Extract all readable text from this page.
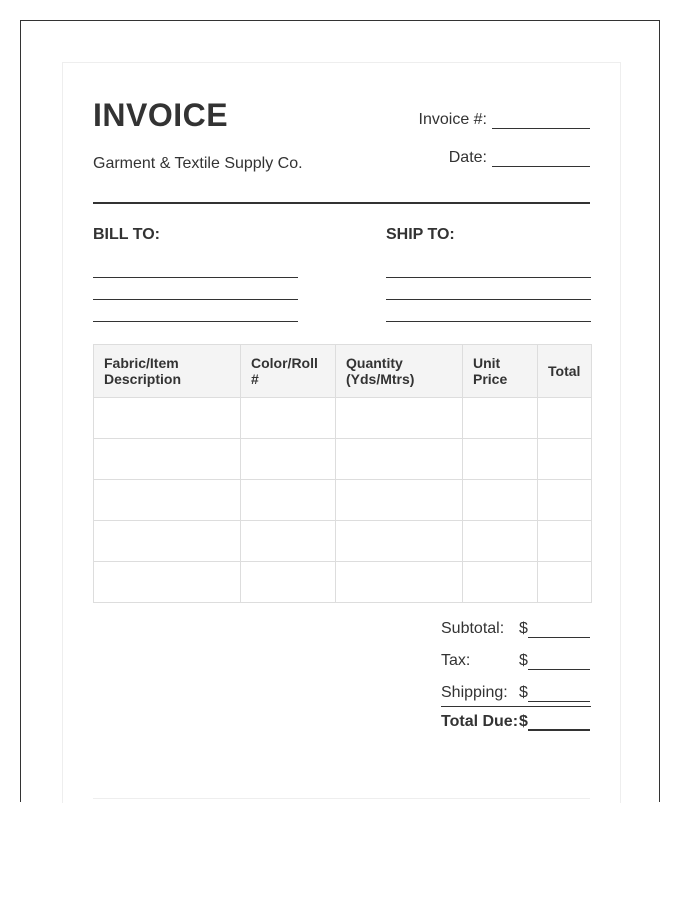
INVOICE
Garment & Textile Supply Co.
Invoice #:
Date:
BILL TO:	SHIP TO:
Fabric/Item Description	Color/Roll #	Quantity (Yds/Mtrs)	Unit Price	Total

Subtotal: $
Tax:	$
Shipping: $
Total Due: $
